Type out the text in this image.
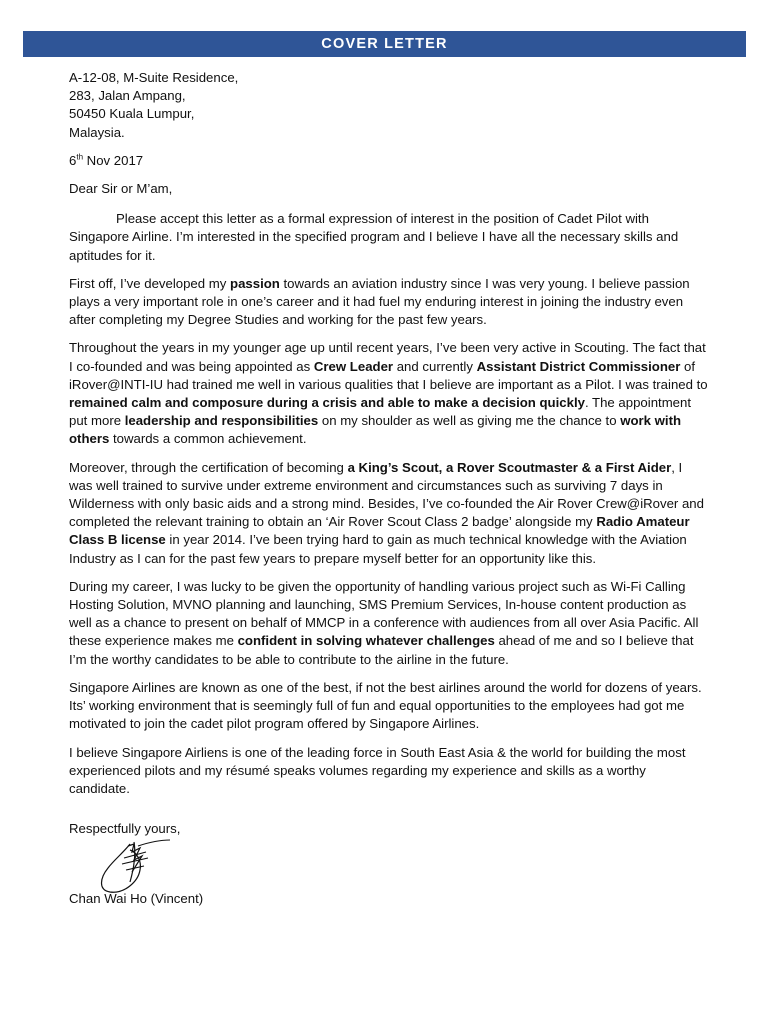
COVER LETTER
A-12-08, M-Suite Residence,
283, Jalan Ampang,
50450 Kuala Lumpur,
Malaysia.
6th Nov 2017
Dear Sir or M’am,
Please accept this letter as a formal expression of interest in the position of Cadet Pilot with Singapore Airline. I’m interested in the specified program and I believe I have all the necessary skills and aptitudes for it.
First off, I’ve developed my passion towards an aviation industry since I was very young. I believe passion plays a very important role in one’s career and it had fuel my enduring interest in joining the industry even after completing my Degree Studies and working for the past few years.
Throughout the years in my younger age up until recent years, I’ve been very active in Scouting. The fact that I co-founded and was being appointed as Crew Leader and currently Assistant District Commissioner of iRover@INTI-IU had trained me well in various qualities that I believe are important as a Pilot. I was trained to remained calm and composure during a crisis and able to make a decision quickly. The appointment put more leadership and responsibilities on my shoulder as well as giving me the chance to work with others towards a common achievement.
Moreover, through the certification of becoming a King’s Scout, a Rover Scoutmaster & a First Aider, I was well trained to survive under extreme environment and circumstances such as surviving 7 days in Wilderness with only basic aids and a strong mind. Besides, I’ve co-founded the Air Rover Crew@iRover and completed the relevant training to obtain an ‘Air Rover Scout Class 2 badge’ alongside my Radio Amateur Class B license in year 2014. I’ve been trying hard to gain as much technical knowledge with the Aviation Industry as I can for the past few years to prepare myself better for an opportunity like this.
During my career, I was lucky to be given the opportunity of handling various project such as Wi-Fi Calling Hosting Solution, MVNO planning and launching, SMS Premium Services, In-house content production as well as a chance to present on behalf of MMCP in a conference with audiences from all over Asia Pacific. All these experience makes me confident in solving whatever challenges ahead of me and so I believe that I’m the worthy candidates to be able to contribute to the airline in the future.
Singapore Airlines are known as one of the best, if not the best airlines around the world for dozens of years. Its’ working environment that is seemingly full of fun and equal opportunities to the employees had got me motivated to join the cadet pilot program offered by Singapore Airlines.
I believe Singapore Airliens is one of the leading force in South East Asia & the world for building the most experienced pilots and my résumé speaks volumes regarding my experience and skills as a worthy candidate.
Respectfully yours,
Chan Wai Ho (Vincent)
